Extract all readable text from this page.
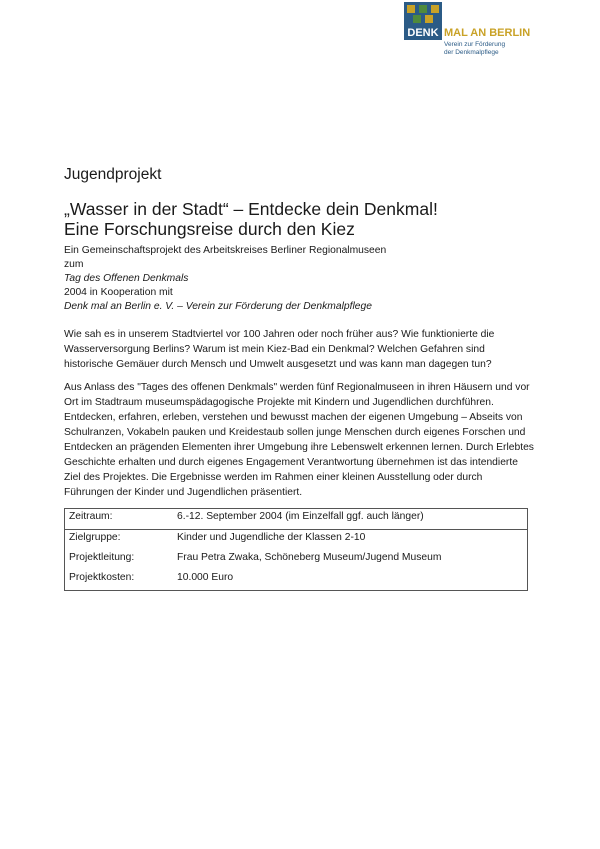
DENK MAL AN BERLIN
Verein zur Förderung
der Denkmalpflege
Jugendprojekt
„Wasser in der Stadt“ – Entdecke dein Denkmal!
Eine Forschungsreise durch den Kiez
Ein Gemeinschaftsprojekt des Arbeitskreises Berliner Regionalmuseen
zum
Tag des Offenen Denkmals
2004 in Kooperation mit
Denk mal an Berlin e. V. – Verein zur Förderung der Denkmalpflege

Wie sah es in unserem Stadtviertel vor 100 Jahren oder noch früher aus? Wie funktionierte die Wasserversorgung Berlins? Warum ist mein Kiez-Bad ein Denkmal? Welchen Gefahren sind historische Gemäuer durch Mensch und Umwelt ausgesetzt und was kann man dagegen tun?

Aus Anlass des "Tages des offenen Denkmals" werden fünf Regionalmuseen in ihren Häusern und vor Ort im Stadtraum museumspädagogische Projekte mit Kindern und Jugendlichen durchführen. Entdecken, erfahren, erleben, verstehen und bewusst machen der eigenen Umgebung – Abseits von Schulranzen, Vokabeln pauken und Kreidestaub sollen junge Menschen durch eigenes Forschen und Entdecken an prägenden Elementen ihrer Umgebung ihre Lebenswelt erkennen lernen. Durch Erlebtes Geschichte erhalten und durch eigenes Engagement Verantwortung übernehmen ist das intendierte Ziel des Projektes. Die Ergebnisse werden im Rahmen einer kleinen Ausstellung oder durch Führungen der Kinder und Jugendlichen präsentiert.

Zeitraum:	6.-12. September 2004 (im Einzelfall ggf. auch länger)
Zielgruppe:	Kinder und Jugendliche der Klassen 2-10
Projektleitung:	Frau Petra Zwaka, Schöneberg Museum/Jugend Museum
Projektkosten:	10.000 Euro
